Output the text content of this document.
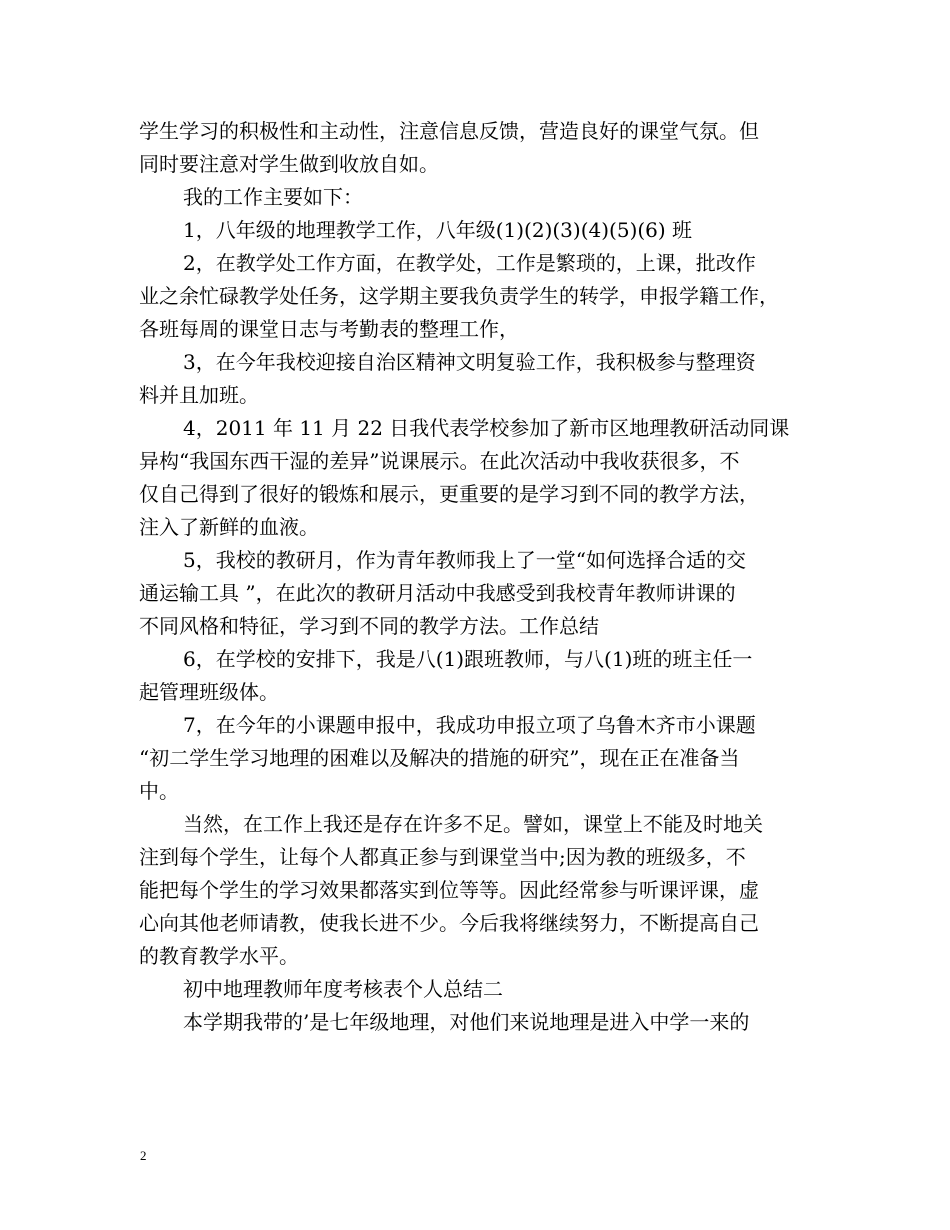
学生学习的积极性和主动性，注意信息反馈，营造良好的课堂气氛。但
同时要注意对学生做到收放自如。
我的工作主要如下：
1，八年级的地理教学工作，八年级(1)(2)(3)(4)(5)(6) 班
2，在教学处工作方面，在教学处，工作是繁琐的，上课，批改作
业之余忙碌教学处任务，这学期主要我负责学生的转学，申报学籍工作，
各班每周的课堂日志与考勤表的整理工作，
3，在今年我校迎接自治区精神文明复验工作，我积极参与整理资
料并且加班。
4，2011 年 11 月 22 日我代表学校参加了新市区地理教研活动同课
异构“我国东西干湿的差异”说课展示。在此次活动中我收获很多，不
仅自己得到了很好的锻炼和展示，更重要的是学习到不同的教学方法，
注入了新鲜的血液。
5，我校的教研月，作为青年教师我上了一堂“如何选择合适的交
通运输工具 ”，在此次的教研月活动中我感受到我校青年教师讲课的
不同风格和特征，学习到不同的教学方法。工作总结
6，在学校的安排下，我是八(1)跟班教师，与八(1)班的班主任一
起管理班级体。
7，在今年的小课题申报中，我成功申报立项了乌鲁木齐市小课题
“初二学生学习地理的困难以及解决的措施的研究”，现在正在准备当
中。
当然，在工作上我还是存在许多不足。譬如，课堂上不能及时地关
注到每个学生，让每个人都真正参与到课堂当中;因为教的班级多，不
能把每个学生的学习效果都落实到位等等。因此经常参与听课评课，虚
心向其他老师请教，使我长进不少。今后我将继续努力，不断提高自己
的教育教学水平。
初中地理教师年度考核表个人总结二
本学期我带的’是七年级地理，对他们来说地理是进入中学一来的
2
